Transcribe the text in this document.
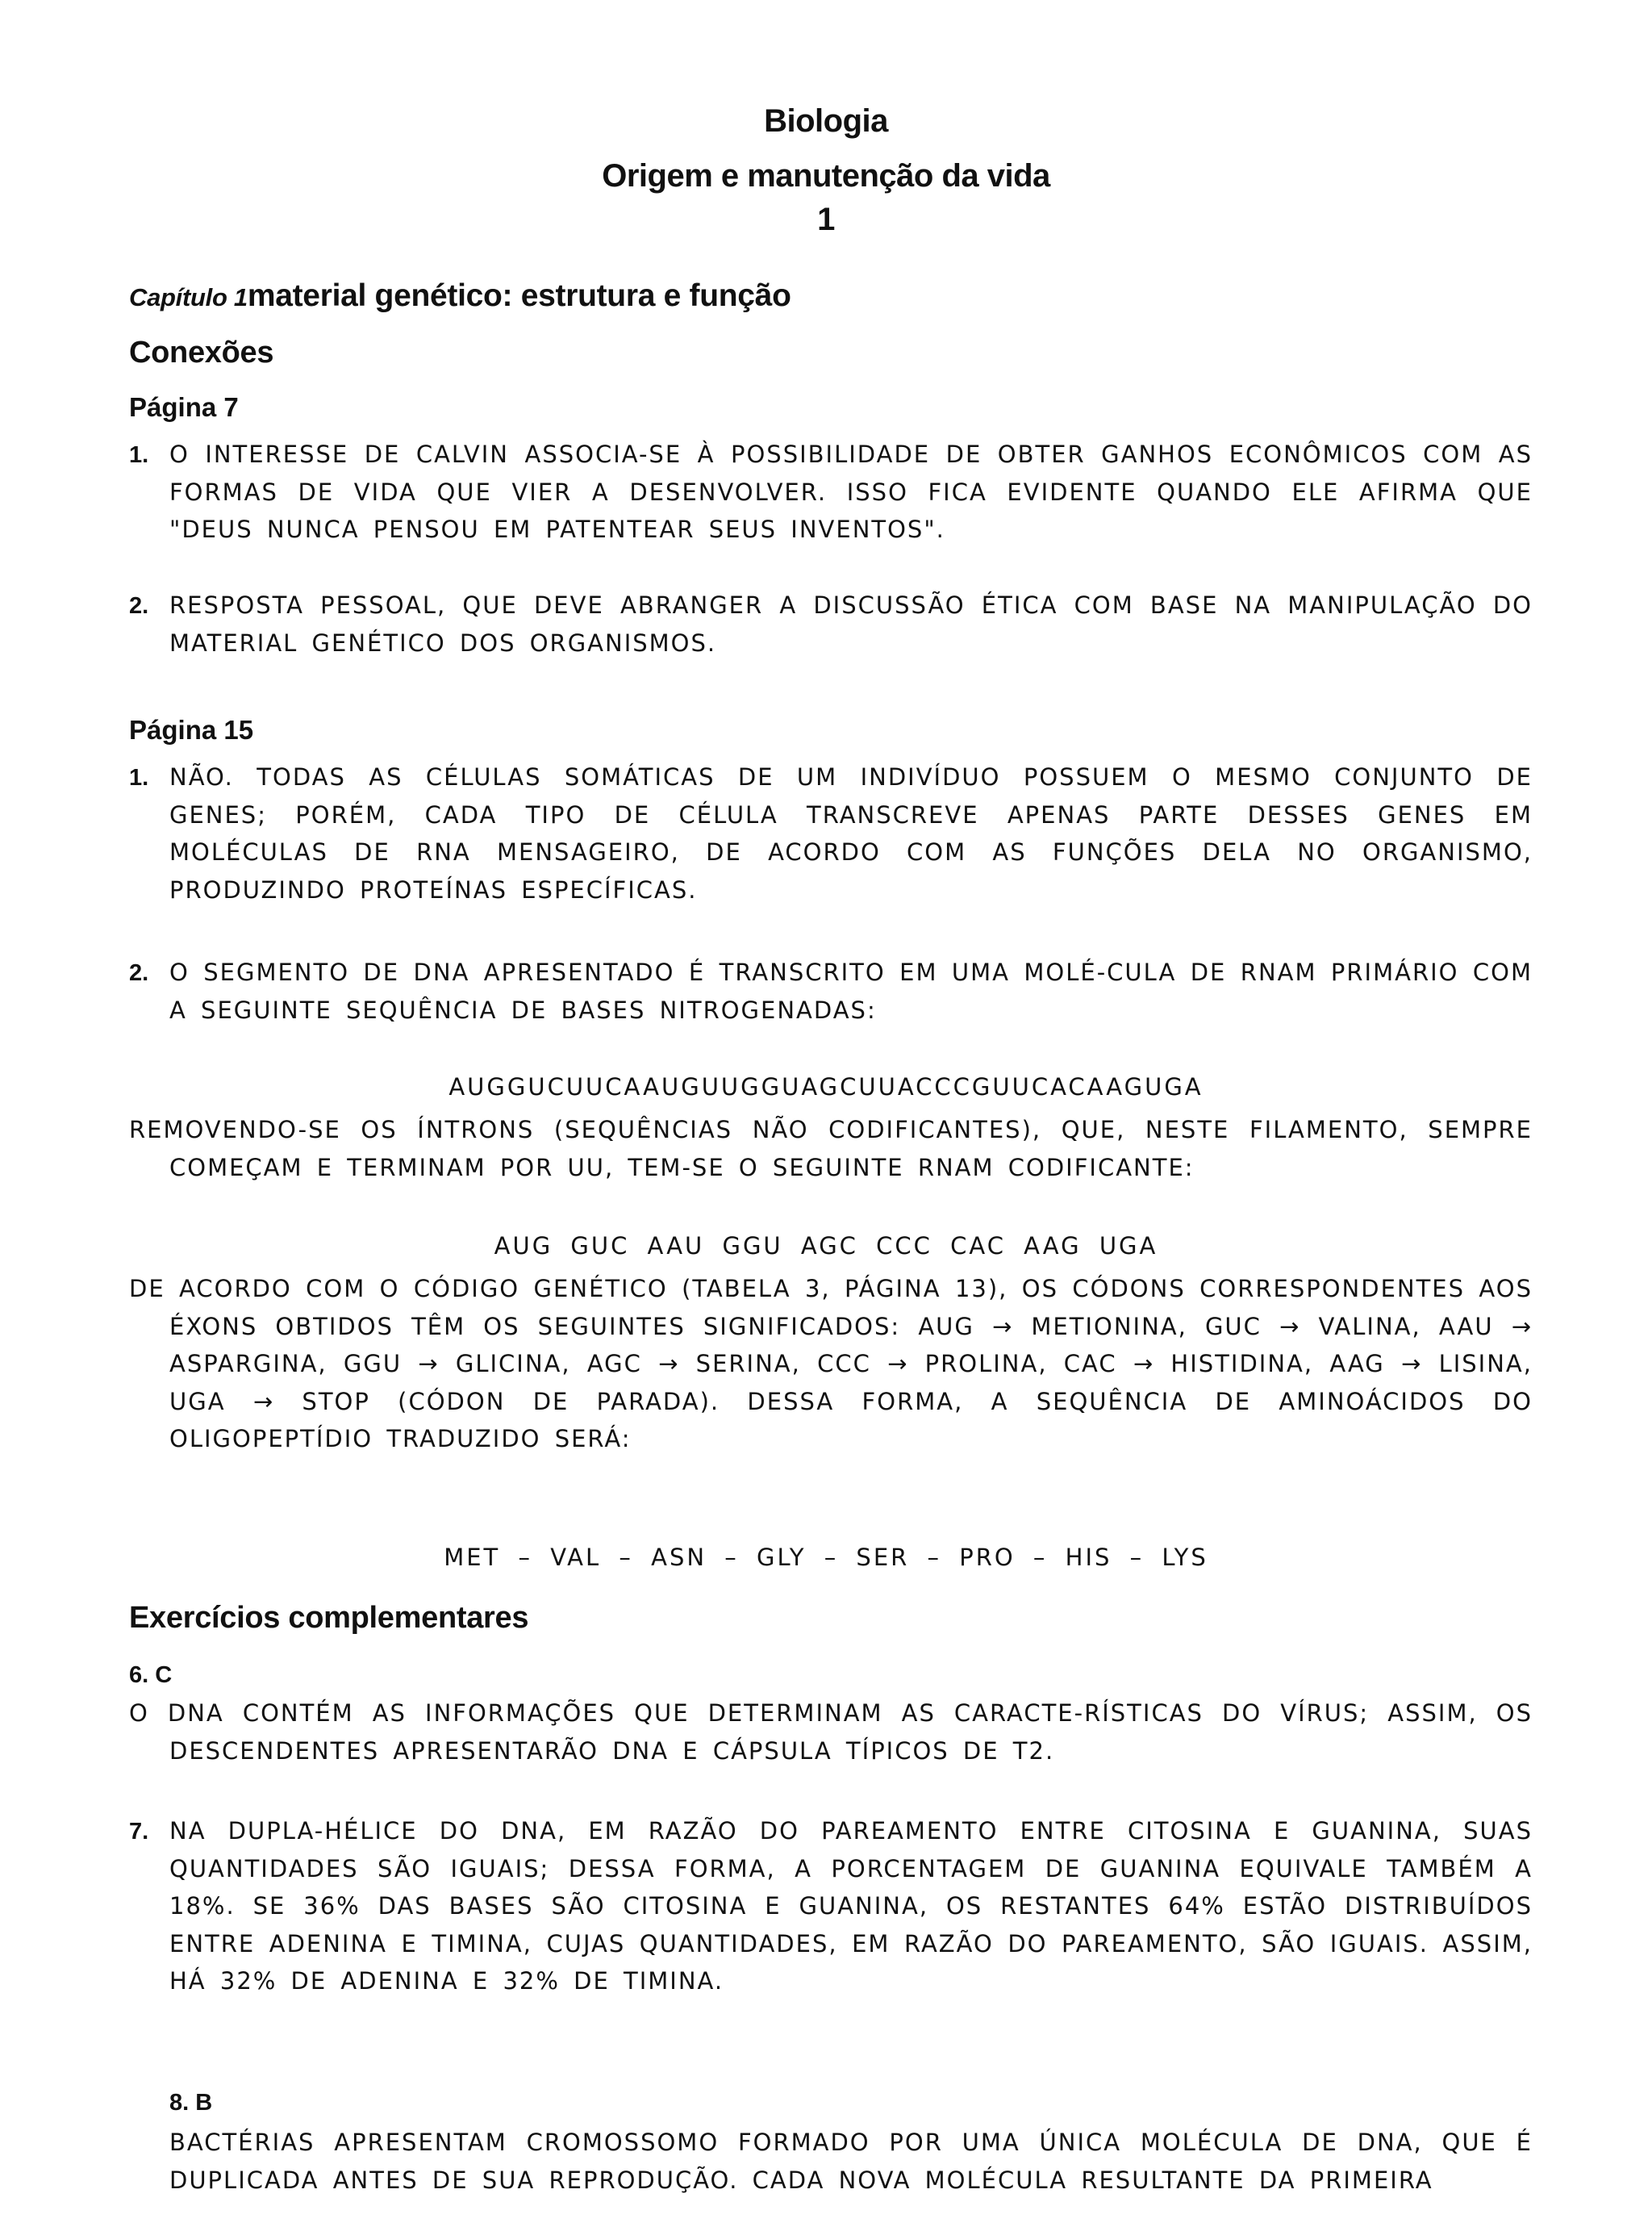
Biologia
Origem e manutenção da vida
1
Capítulo 1material genético: estrutura e função
Conexões
Página 7
1. O INTERESSE DE CALVIN ASSOCIA-SE À POSSIBILIDADE DE OBTER GANHOS ECONÔMICOS COM AS FORMAS DE VIDA QUE VIER A DESENVOLVER. ISSO FICA EVIDENTE QUANDO ELE AFIRMA QUE "DEUS NUNCA PENSOU EM PATENTEAR SEUS INVENTOS".
2. RESPOSTA PESSOAL, QUE DEVE ABRANGER A DISCUSSÃO ÉTICA COM BASE NA MANIPULAÇÃO DO MATERIAL GENÉTICO DOS ORGANISMOS.
Página 15
1. NÃO. TODAS AS CÉLULAS SOMÁTICAS DE UM INDIVÍDUO POSSUEM O MESMO CONJUNTO DE GENES; PORÉM, CADA TIPO DE CÉLULA TRANSCREVE APENAS PARTE DESSES GENES EM MOLÉCULAS DE RNA MENSAGEIRO, DE ACORDO COM AS FUNÇÕES DELA NO ORGANISMO, PRODUZINDO PROTEÍNAS ESPECÍFICAS.
2. O SEGMENTO DE DNA APRESENTADO É TRANSCRITO EM UMA MOLÉ-CULA DE RNAM PRIMÁRIO COM A SEGUINTE SEQUÊNCIA DE BASES NITROGENADAS:
AUGGUCUUCAAUGUUGGUAGCUUACCCGUUCACAAGUGA
REMOVENDO-SE OS ÍNTRONS (SEQUÊNCIAS NÃO CODIFICANTES), QUE, NESTE FILAMENTO, SEMPRE COMEÇAM E TERMINAM POR UU, TEM-SE O SEGUINTE RNAM CODIFICANTE:
AUG GUC AAU GGU AGC CCC CAC AAG UGA
DE ACORDO COM O CÓDIGO GENÉTICO (TABELA 3, PÁGINA 13), OS CÓDONS CORRESPONDENTES AOS ÉXONS OBTIDOS TÊM OS SEGUINTES SIGNIFICADOS: AUG → METIONINA, GUC → VALINA, AAU → ASPARGINA, GGU → GLICINA, AGC → SERINA, CCC → PROLINA, CAC → HISTIDINA, AAG → LISINA, UGA → STOP (CÓDON DE PARADA). DESSA FORMA, A SEQUÊNCIA DE AMINOÁCIDOS DO OLIGOPEPTÍDIO TRADUZIDO SERÁ:
MET – VAL – ASN – GLY – SER – PRO – HIS – LYS
Exercícios complementares
6. C
O DNA CONTÉM AS INFORMAÇÕES QUE DETERMINAM AS CARACTE-RÍSTICAS DO VÍRUS; ASSIM, OS DESCENDENTES APRESENTARÃO DNA E CÁPSULA TÍPICOS DE T2.
7. NA DUPLA-HÉLICE DO DNA, EM RAZÃO DO PAREAMENTO ENTRE CITOSINA E GUANINA, SUAS QUANTIDADES SÃO IGUAIS; DESSA FORMA, A PORCENTAGEM DE GUANINA EQUIVALE TAMBÉM A 18%. SE 36% DAS BASES SÃO CITOSINA E GUANINA, OS RESTANTES 64% ESTÃO DISTRIBUÍDOS ENTRE ADENINA E TIMINA, CUJAS QUANTIDADES, EM RAZÃO DO PAREAMENTO, SÃO IGUAIS. ASSIM, HÁ 32% DE ADENINA E 32% DE TIMINA.
8. B
BACTÉRIAS APRESENTAM CROMOSSOMO FORMADO POR UMA ÚNICA MOLÉCULA DE DNA, QUE É DUPLICADA ANTES DE SUA REPRODUÇÃO. CADA NOVA MOLÉCULA RESULTANTE DA PRIMEIRA
